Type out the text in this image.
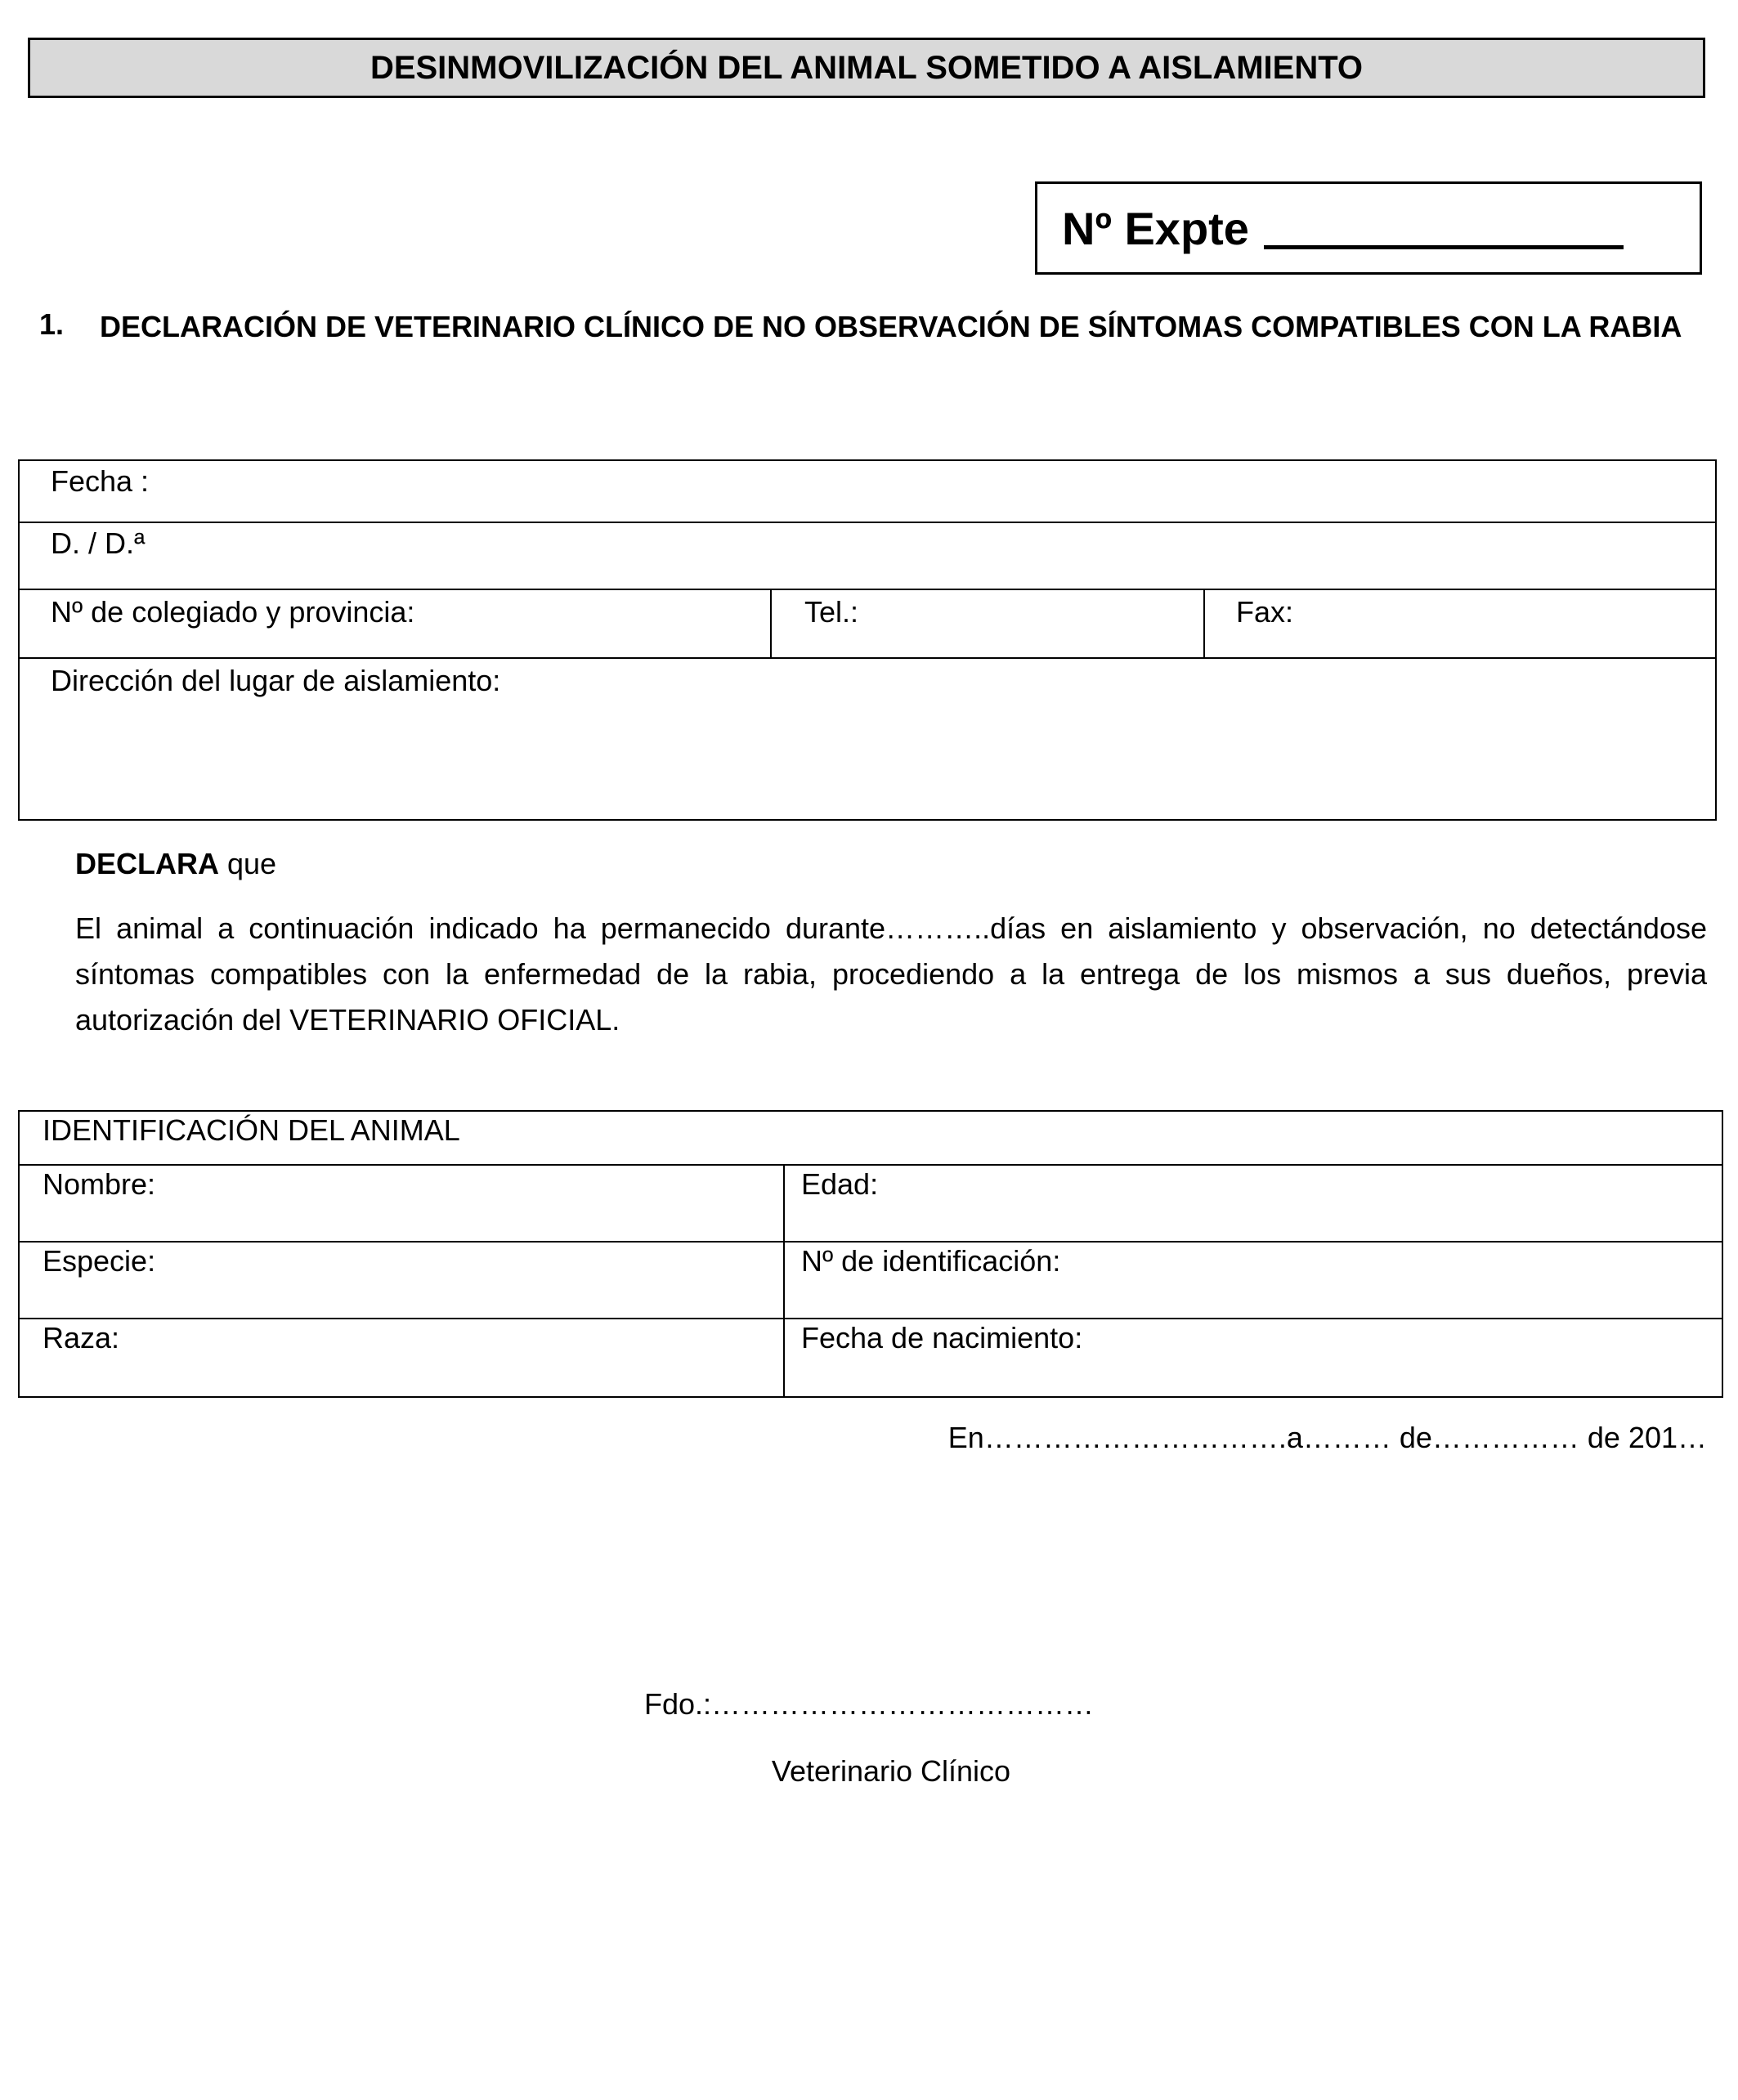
DESINMOVILIZACIÓN DEL ANIMAL SOMETIDO A AISLAMIENTO
Nº Expte
1. DECLARACIÓN DE VETERINARIO CLÍNICO DE NO OBSERVACIÓN DE SÍNTOMAS COMPATIBLES CON LA RABIA
Fecha :
D. / D.ª
Nº de colegiado y provincia:	Tel.:	Fax:
Dirección del lugar de aislamiento:
DECLARA que
El animal a continuación indicado ha permanecido durante………..días en aislamiento y observación, no detectándose síntomas compatibles con la enfermedad de la rabia, procediendo a la entrega de los mismos a sus dueños, previa autorización del VETERINARIO OFICIAL.
IDENTIFICACIÓN DEL ANIMAL
Nombre:	Edad:
Especie:	Nº de identificación:
Raza:	Fecha de nacimiento:
En………………………….a……… de…………… de 201…
Fdo.:…………………………………
Veterinario Clínico
